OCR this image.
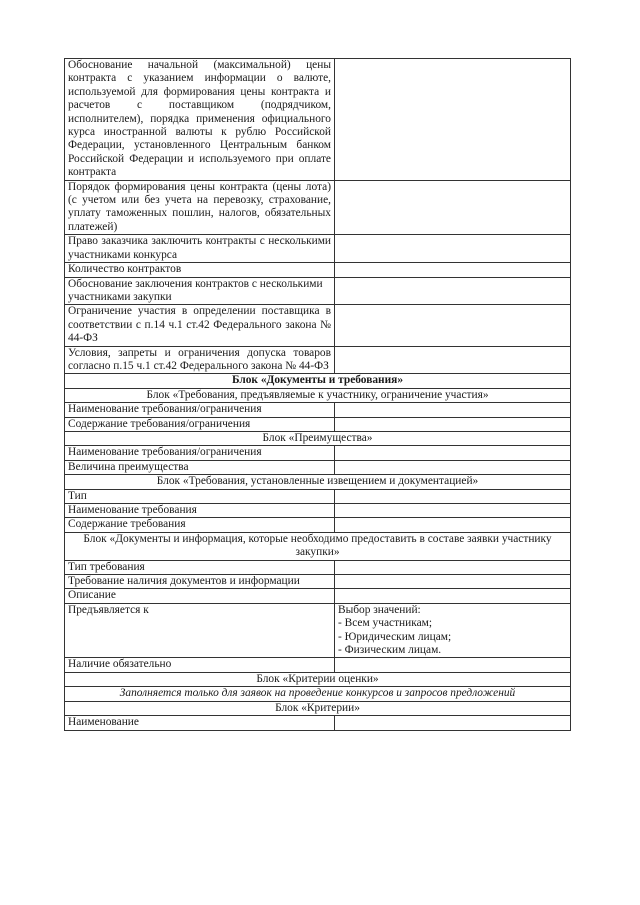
Обоснование начальной (максимальной) цены контракта с указанием информации о валюте, используемой для формирования цены контракта и расчетов с поставщиком (подрядчиком, исполнителем), порядка применения официального курса иностранной валюты к рублю Российской Федерации, установленного Центральным банком Российской Федерации и используемого при оплате контракта	
Порядок формирования цены контракта (цены лота) (с учетом или без учета на перевозку, страхование, уплату таможенных пошлин, налогов, обязательных платежей)	
Право заказчика заключить контракты с несколькими участниками конкурса	
Количество контрактов	
Обоснование заключения контрактов с несколькими участниками закупки	
Ограничение участия в определении поставщика в соответствии с п.14 ч.1 ст.42 Федерального закона № 44-ФЗ	
Условия, запреты и ограничения допуска товаров согласно п.15 ч.1 ст.42 Федерального закона № 44-ФЗ	
Блок «Документы и требования»	
Блок «Требования, предъявляемые к участнику, ограничение участия»	
Наименование требования/ограничения	
Содержание требования/ограничения	
Блок «Преимущества»	
Наименование требования/ограничения	
Величина преимущества	
Блок «Требования, установленные извещением и документацией»	
Тип	
Наименование требования	
Содержание требования	
Блок «Документы и информация, которые необходимо предоставить в составе заявки участнику закупки»	
Тип требования	
Требование наличия документов и информации	
Описание	
Предъявляется к	Выбор значений:
- Всем участникам;
- Юридическим лицам;
- Физическим лицам.

Наличие обязательно	
Блок «Критерии оценки»	
Заполняется только для заявок на проведение конкурсов и запросов предложений	
Блок «Критерии»	
Наименование	
